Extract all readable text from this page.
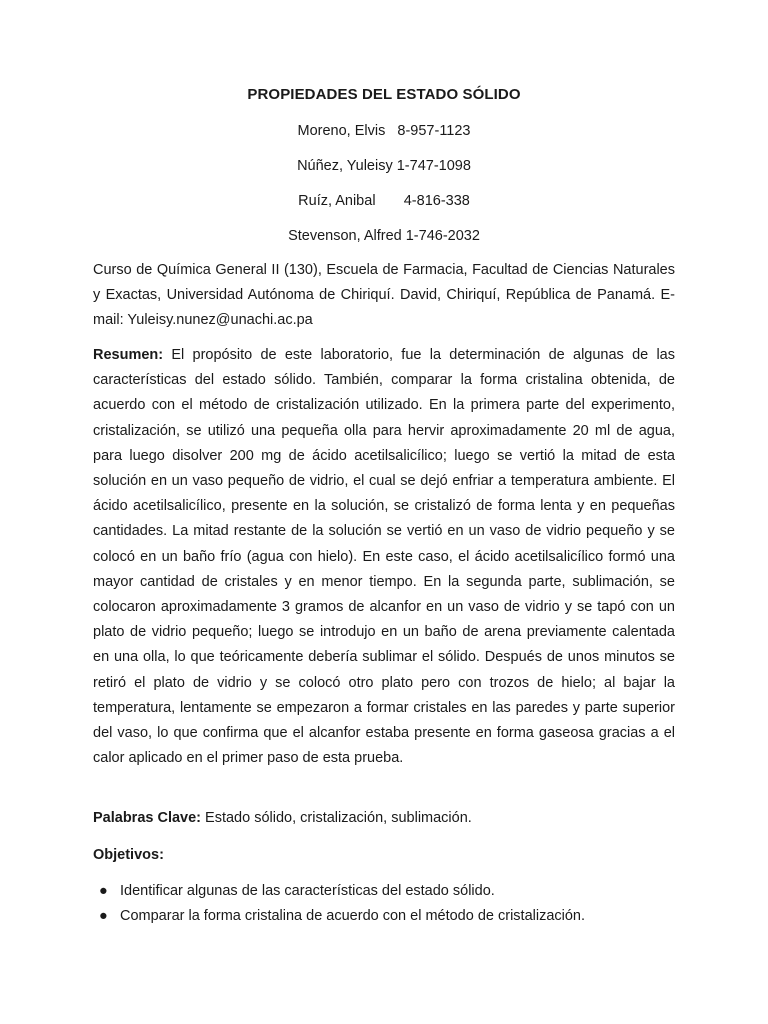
PROPIEDADES DEL ESTADO SÓLIDO
Moreno, Elvis   8-957-1123
Núñez, Yuleisy 1-747-1098
Ruíz, Anibal       4-816-338
Stevenson, Alfred 1-746-2032
Curso de Química General II (130), Escuela de Farmacia, Facultad de Ciencias Naturales y Exactas, Universidad Autónoma de Chiriquí. David, Chiriquí, República de Panamá. E-mail: Yuleisy.nunez@unachi.ac.pa
Resumen: El propósito de este laboratorio, fue la determinación de algunas de las características del estado sólido. También, comparar la forma cristalina obtenida, de acuerdo con el método de cristalización utilizado. En la primera parte del experimento, cristalización, se utilizó una pequeña olla para hervir aproximadamente 20 ml de agua, para luego disolver 200 mg de ácido acetilsalicílico; luego se vertió la mitad de esta solución en un vaso pequeño de vidrio, el cual se dejó enfriar a temperatura ambiente. El ácido acetilsalicílico, presente en la solución, se cristalizó de forma lenta y en pequeñas cantidades. La mitad restante de la solución se vertió en un vaso de vidrio pequeño y se colocó en un baño frío (agua con hielo). En este caso, el ácido acetilsalicílico formó una mayor cantidad de cristales y en menor tiempo. En la segunda parte, sublimación, se colocaron aproximadamente 3 gramos de alcanfor en un vaso de vidrio y se tapó con un plato de vidrio pequeño; luego se introdujo en un baño de arena previamente calentada en una olla, lo que teóricamente debería sublimar el sólido. Después de unos minutos se retiró el plato de vidrio y se colocó otro plato pero con trozos de hielo; al bajar la temperatura, lentamente se empezaron a formar cristales en las paredes y parte superior del vaso, lo que confirma que el alcanfor estaba presente en forma gaseosa gracias a el calor aplicado en el primer paso de esta prueba.
Palabras Clave: Estado sólido, cristalización, sublimación.
Objetivos:
● Identificar algunas de las características del estado sólido.
● Comparar la forma cristalina de acuerdo con el método de cristalización.
